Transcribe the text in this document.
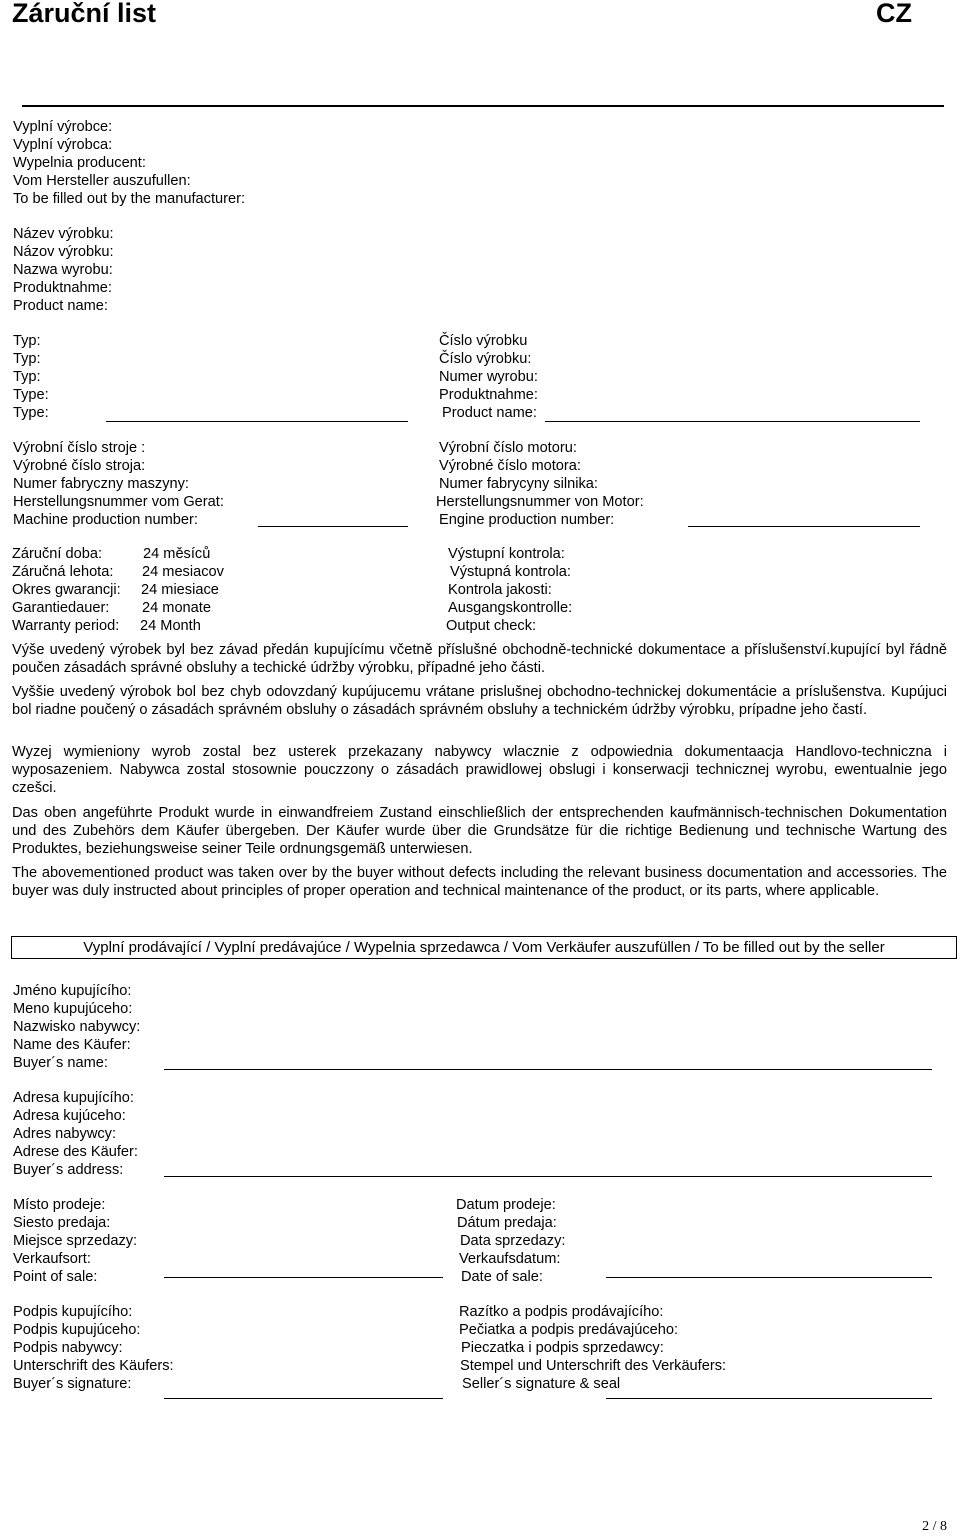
Záruční list	CZ
Vyplní výrobce:
Vyplní výrobca:
Wypelnia producent:
Vom Hersteller auszufullen:
To be filled out by the manufacturer:
Název výrobku:
Názov výrobku:
Nazwa wyrobu:
Produktnahme:
Product name:
Typ:
Typ:
Typ:
Type:
Type:
Číslo výrobku
Číslo výrobku:
Numer wyrobu:
Produktnahme:
Product name:
Výrobní číslo stroje :
Výrobné číslo stroja:
Numer fabryczny maszyny:
Herstellungsnummer vom Gerat:
Machine production number:
Výrobní číslo motoru:
Výrobné číslo motora:
Numer fabrycyny silnika:
Herstellungsnummer von Motor:
Engine production number:
Záruční doba:	24 měsíců
Záručná lehota: 24 mesiacov
Okres gwarancji: 24 miesiace
Garantiedauer: 24 monate
Warranty period: 24 Month
Výstupní kontrola:
Výstupná kontrola:
Kontrola jakosti:
Ausgangskontrolle:
Output check:
Výše uvedený výrobek byl bez závad předán kupujícímu včetně příslušné obchodně-technické dokumentace a příslušenství.kupující byl řádně poučen zásadách správné obsluhy a techické údržby výrobku, případné jeho části.
Vyššie uvedený výrobok bol bez chyb odovzdaný kupújucemu vrátane prislušnej obchodno-technickej dokumentácie a príslušenstva. Kupújuci bol riadne poučený o zásadách správném obsluhy o zásadách správném obsluhy a technickém údržby výrobku, prípadne jeho častí.
Wyzej wymieniony wyrob zostal bez usterek przekazany nabywcy wlacznie z odpowiednia dokumentaacja Handlovo-techniczna i wyposazeniem. Nabywca zostal stosownie pouczzony o zásadách prawidlowej obslugi i konserwacji technicznej wyrobu, ewentualnie jego czešci.
Das oben angeführte Produkt wurde in einwandfreiem Zustand einschließlich der entsprechenden kaufmännisch-technischen Dokumentation und des Zubehörs dem Käufer übergeben. Der Käufer wurde über die Grundsätze für die richtige Bedienung und technische Wartung des Produktes, beziehungsweise seiner Teile ordnungsgemäß unterwiesen.
The abovementioned product was taken over by the buyer without defects including the relevant business documentation and accessories. The buyer was duly instructed about principles of proper operation and technical maintenance of the product, or its parts, where applicable.
Vyplní prodávající / Vyplní predávajúce / Wypelnia sprzedawca / Vom Verkäufer auszufüllen / To be filled out by the seller
Jméno kupujícího:
Meno kupujúceho:
Nazwisko nabywcy:
Name des Käufer:
Buyer´s name:
Adresa kupujícího:
Adresa kujúceho:
Adres nabywcy:
Adrese des Käufer:
Buyer´s address:
Místo prodeje:
Siesto predaja:
Miejsce sprzedazy:
Verkaufsort:
Point of sale:
Datum prodeje:
Dátum predaja:
Data sprzedazy:
Verkaufsdatum:
Date of sale:
Podpis kupujícího:
Podpis kupujúceho:
Podpis nabywcy:
Unterschrift des Käufers:
Buyer´s signature:
Razítko a podpis prodávajícího:
Pečiatka a podpis predávajúceho:
Pieczatka i podpis sprzedawcy:
Stempel und Unterschrift des Verkäufers:
Seller´s signature & seal
2 / 8
